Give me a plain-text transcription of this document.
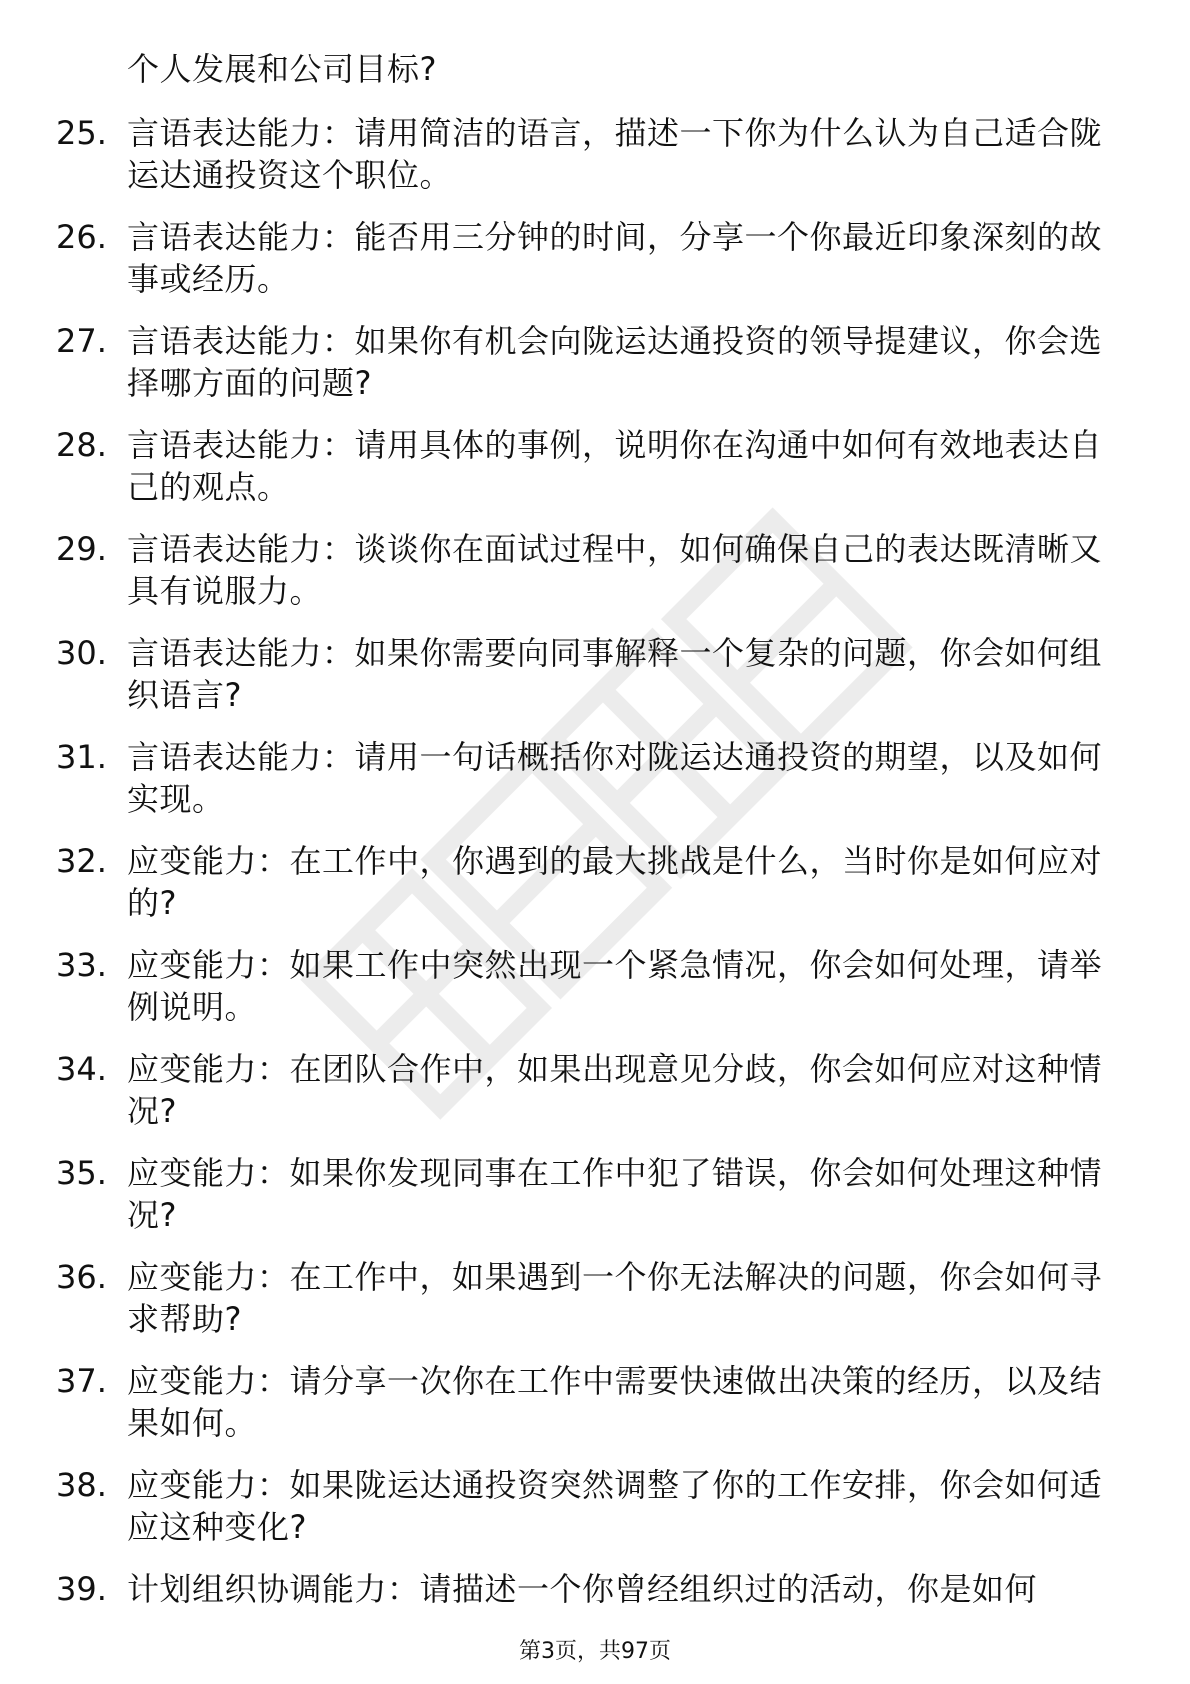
个人发展和公司目标?
25. 言语表达能力：请用简洁的语言，描述一下你为什么认为自己适合陇运达通投资这个职位。
26. 言语表达能力：能否用三分钟的时间，分享一个你最近印象深刻的故事或经历。
27. 言语表达能力：如果你有机会向陇运达通投资的领导提建议，你会选择哪方面的问题?
28. 言语表达能力：请用具体的事例，说明你在沟通中如何有效地表达自己的观点。
29. 言语表达能力：谈谈你在面试过程中，如何确保自己的表达既清晰又具有说服力。
30. 言语表达能力：如果你需要向同事解释一个复杂的问题，你会如何组织语言?
31. 言语表达能力：请用一句话概括你对陇运达通投资的期望，以及如何实现。
32. 应变能力：在工作中，你遇到的最大挑战是什么，当时你是如何应对的?
33. 应变能力：如果工作中突然出现一个紧急情况，你会如何处理，请举例说明。
34. 应变能力：在团队合作中，如果出现意见分歧，你会如何应对这种情况?
35. 应变能力：如果你发现同事在工作中犯了错误，你会如何处理这种情况?
36. 应变能力：在工作中，如果遇到一个你无法解决的问题，你会如何寻求帮助?
37. 应变能力：请分享一次你在工作中需要快速做出决策的经历，以及结果如何。
38. 应变能力：如果陇运达通投资突然调整了你的工作安排，你会如何适应这种变化?
39. 计划组织协调能力：请描述一个你曾经组织过的活动，你是如何
第3页，共97页
